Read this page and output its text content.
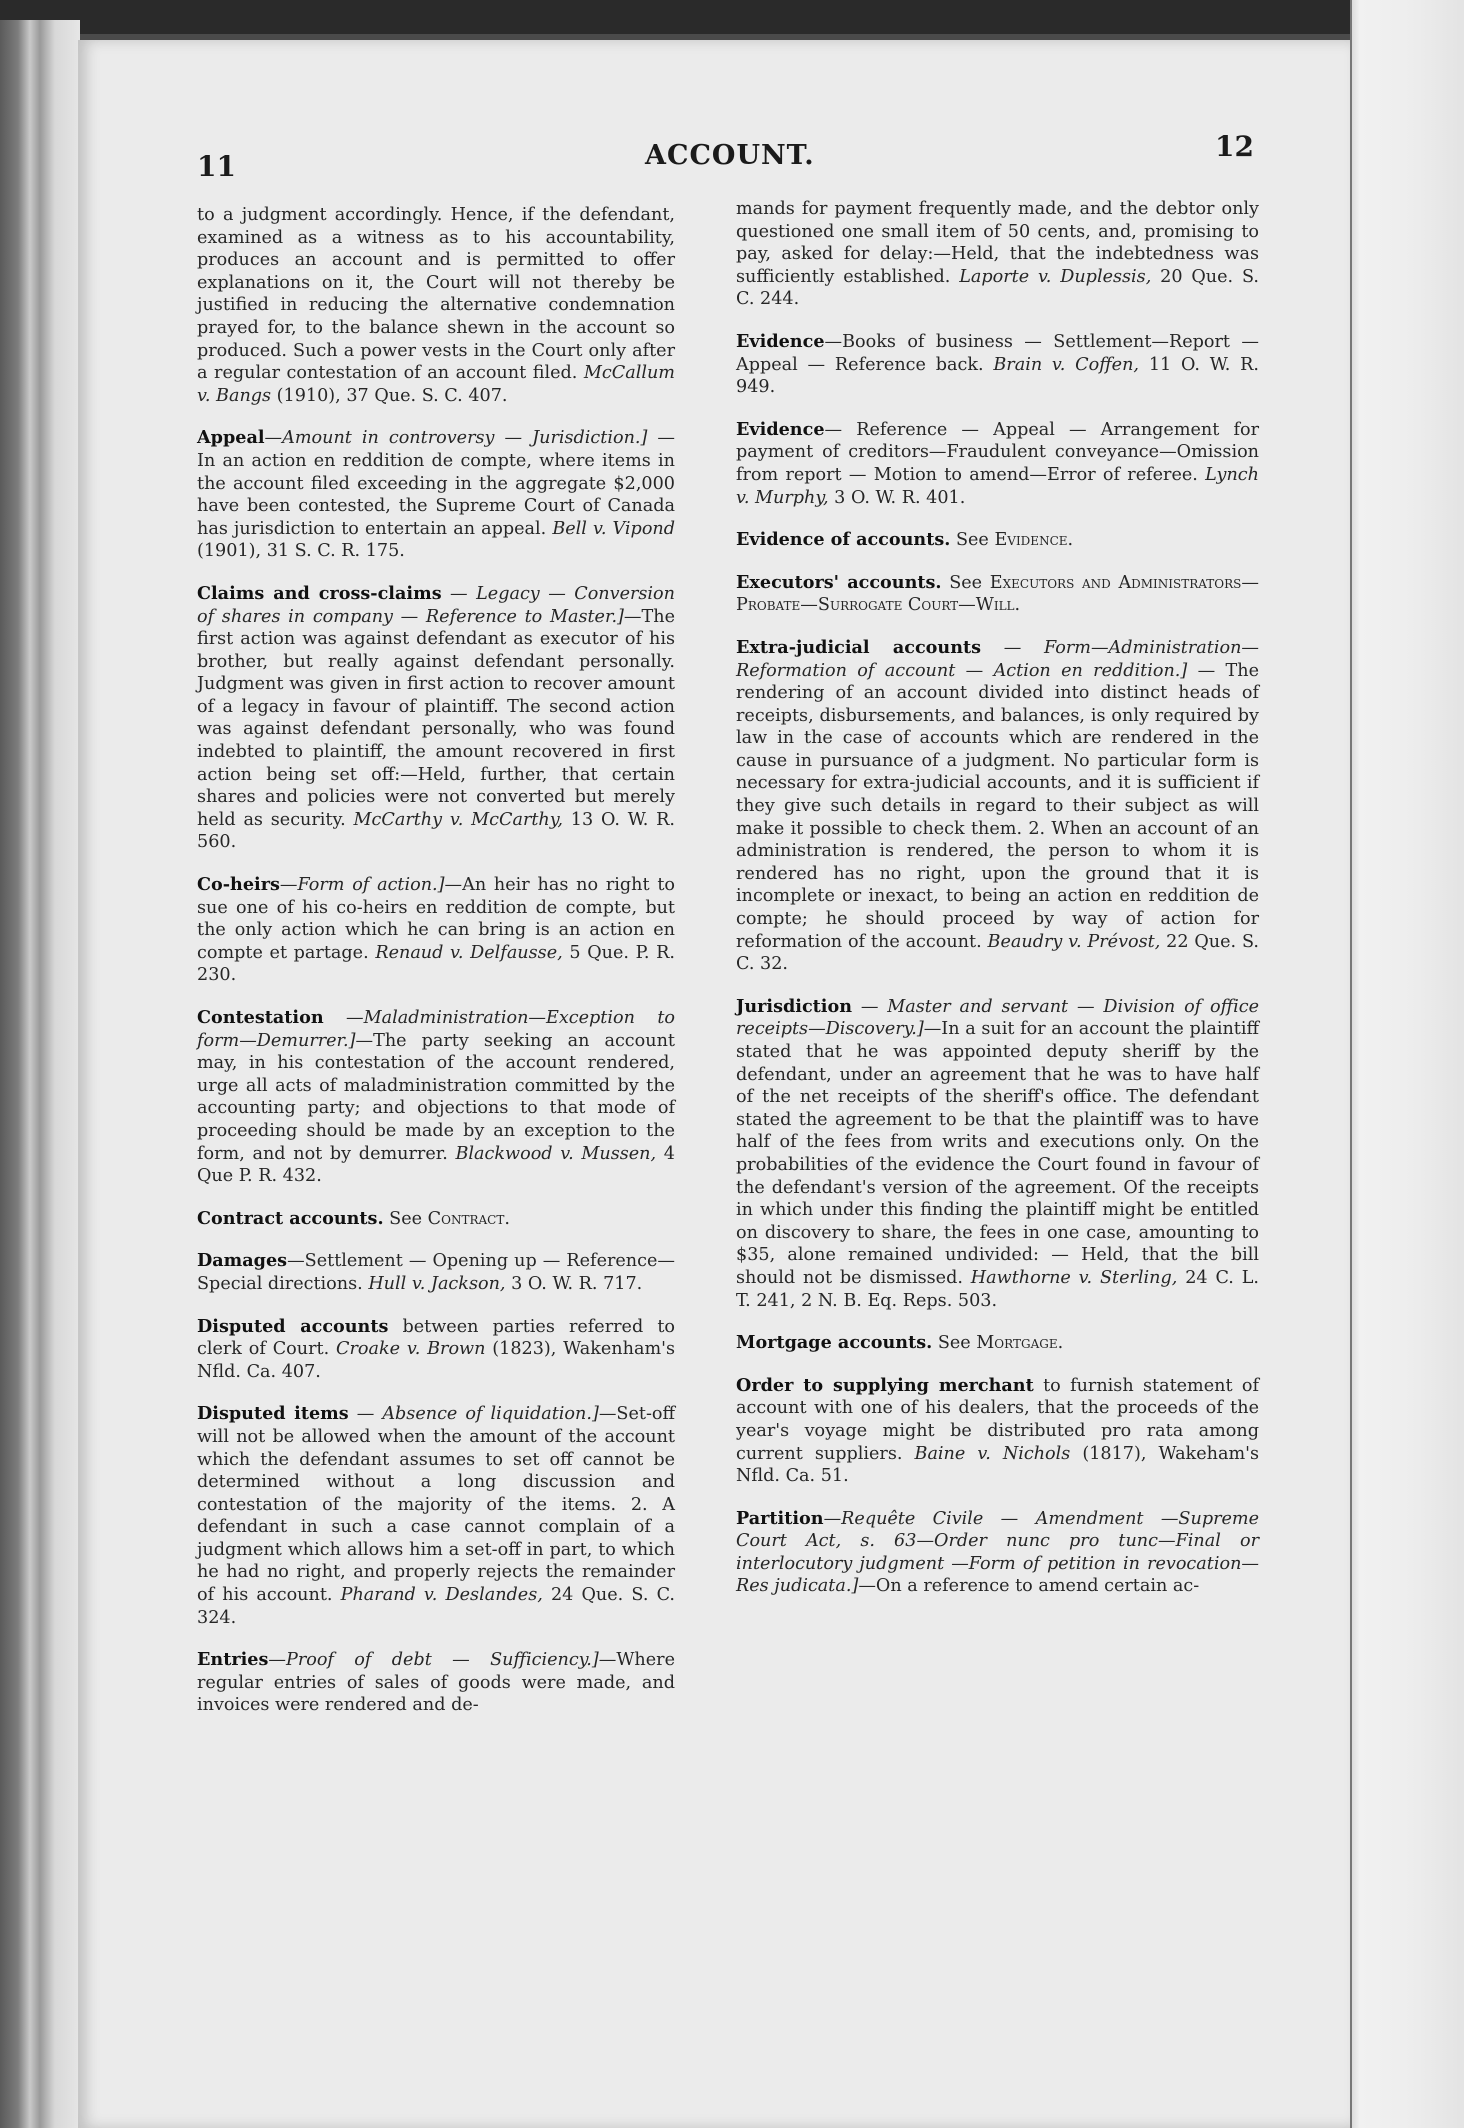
11	ACCOUNT.	12

to a judgment accordingly. Hence, if the defendant, examined as a witness as to his accountability, produces an account and is permitted to offer explanations on it, the Court will not thereby be justified in reducing the alternative condemnation prayed for, to the balance shewn in the account so produced. Such a power vests in the Court only after a regular contestation of an account filed. McCallum v. Bangs (1910), 37 Que. S. C. 407.

Appeal—Amount in controversy — Jurisdiction.] — In an action en reddition de compte, where items in the account filed exceeding in the aggregate $2,000 have been contested, the Supreme Court of Canada has jurisdiction to entertain an appeal. Bell v. Vipond (1901), 31 S. C. R. 175.

Claims and cross-claims — Legacy — Conversion of shares in company — Reference to Master.]—The first action was against defendant as executor of his brother, but really against defendant personally. Judgment was given in first action to recover amount of a legacy in favour of plaintiff. The second action was against defendant personally, who was found indebted to plaintiff, the amount recovered in first action being set off:—Held, further, that certain shares and policies were not converted but merely held as security. McCarthy v. McCarthy, 13 O. W. R. 560.

Co-heirs—Form of action.]—An heir has no right to sue one of his co-heirs en reddition de compte, but the only action which he can bring is an action en compte et partage. Renaud v. Delfausse, 5 Que. P. R. 230.

Contestation —Maladministration—Exception to form—Demurrer.]—The party seeking an account may, in his contestation of the account rendered, urge all acts of maladministration committed by the accounting party; and objections to that mode of proceeding should be made by an exception to the form, and not by demurrer. Blackwood v. Mussen, 4 Que P. R. 432.

Contract accounts. See Contract.

Damages—Settlement — Opening up — Reference—Special directions. Hull v. Jackson, 3 O. W. R. 717.

Disputed accounts between parties referred to clerk of Court. Croake v. Brown (1823), Wakenham's Nfld. Ca. 407.

Disputed items — Absence of liquidation.]—Set-off will not be allowed when the amount of the account which the defendant assumes to set off cannot be determined without a long discussion and contestation of the majority of the items. 2. A defendant in such a case cannot complain of a judgment which allows him a set-off in part, to which he had no right, and properly rejects the remainder of his account. Pharand v. Deslandes, 24 Que. S. C. 324.

Entries—Proof of debt — Sufficiency.]—Where regular entries of sales of goods were made, and invoices were rendered and de-

mands for payment frequently made, and the debtor only questioned one small item of 50 cents, and, promising to pay, asked for delay:—Held, that the indebtedness was sufficiently established. Laporte v. Duplessis, 20 Que. S. C. 244.

Evidence—Books of business — Settlement—Report — Appeal — Reference back. Brain v. Coffen, 11 O. W. R. 949.

Evidence— Reference — Appeal — Arrangement for payment of creditors—Fraudulent conveyance—Omission from report — Motion to amend—Error of referee. Lynch v. Murphy, 3 O. W. R. 401.

Evidence of accounts. See Evidence.

Executors' accounts. See Executors and Administrators—Probate—Surrogate Court—Will.

Extra-judicial accounts — Form—Administration—Reformation of account — Action en reddition.] — The rendering of an account divided into distinct heads of receipts, disbursements, and balances, is only required by law in the case of accounts which are rendered in the cause in pursuance of a judgment. No particular form is necessary for extra-judicial accounts, and it is sufficient if they give such details in regard to their subject as will make it possible to check them. 2. When an account of an administration is rendered, the person to whom it is rendered has no right, upon the ground that it is incomplete or inexact, to being an action en reddition de compte; he should proceed by way of action for reformation of the account. Beaudry v. Prévost, 22 Que. S. C. 32.

Jurisdiction — Master and servant — Division of office receipts—Discovery.]—In a suit for an account the plaintiff stated that he was appointed deputy sheriff by the defendant, under an agreement that he was to have half of the net receipts of the sheriff's office. The defendant stated the agreement to be that the plaintiff was to have half of the fees from writs and executions only. On the probabilities of the evidence the Court found in favour of the defendant's version of the agreement. Of the receipts in which under this finding the plaintiff might be entitled on discovery to share, the fees in one case, amounting to $35, alone remained undivided: — Held, that the bill should not be dismissed. Hawthorne v. Sterling, 24 C. L. T. 241, 2 N. B. Eq. Reps. 503.

Mortgage accounts. See Mortgage.

Order to supplying merchant to furnish statement of account with one of his dealers, that the proceeds of the year's voyage might be distributed pro rata among current suppliers. Baine v. Nichols (1817), Wakeham's Nfld. Ca. 51.

Partition—Requête Civile — Amendment —Supreme Court Act, s. 63—Order nunc pro tunc—Final or interlocutory judgment —Form of petition in revocation—Res judicata.]—On a reference to amend certain ac-
